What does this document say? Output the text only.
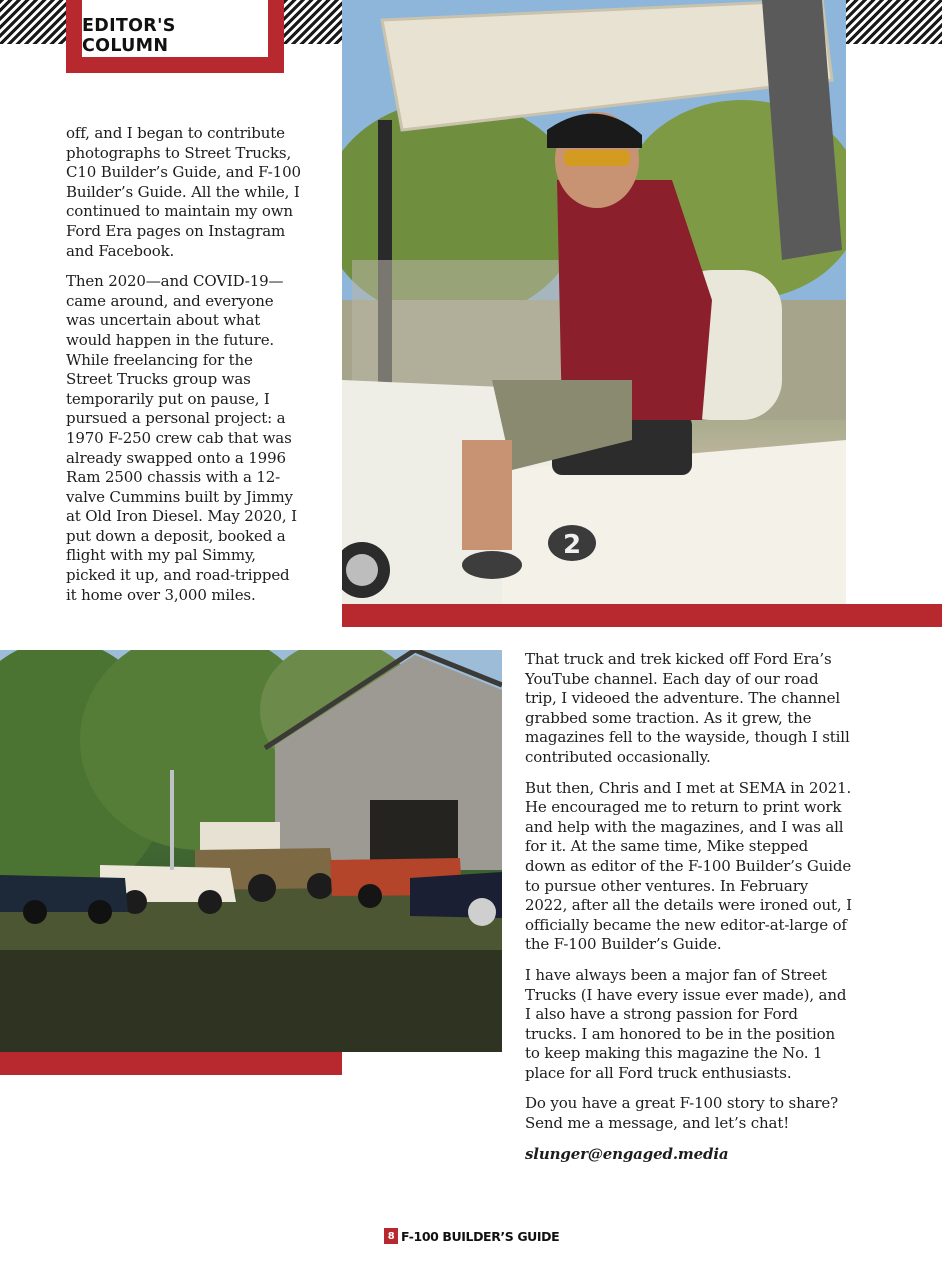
EDITOR'S COLUMN

off, and I began to contribute photographs to Street Trucks, C10 Builder’s Guide, and F-100 Builder’s Guide. All the while, I continued to maintain my own Ford Era pages on Instagram and Facebook.

Then 2020—and COVID-19—came around, and everyone was uncertain about what would happen in the future. While freelancing for the Street Trucks group was temporarily put on pause, I pursued a personal project: a 1970 F-250 crew cab that was already swapped onto a 1996 Ram 2500 chassis with a 12-valve Cummins built by Jimmy at Old Iron Diesel. May 2020, I put down a deposit, booked a flight with my pal Simmy, picked it up, and road-tripped it home over 3,000 miles.

2

That truck and trek kicked off Ford Era’s YouTube channel. Each day of our road trip, I videoed the adventure. The channel grabbed some traction. As it grew, the magazines fell to the wayside, though I still contributed occasionally.

But then, Chris and I met at SEMA in 2021. He encouraged me to return to print work and help with the magazines, and I was all for it. At the same time, Mike stepped down as editor of the F-100 Builder’s Guide to pursue other ventures. In February 2022, after all the details were ironed out, I officially became the new editor-at-large of the F-100 Builder’s Guide.

I have always been a major fan of Street Trucks (I have every issue ever made), and I also have a strong passion for Ford trucks. I am honored to be in the position to keep making this magazine the No. 1 place for all Ford truck enthusiasts.

Do you have a great F-100 story to share? Send me a message, and let’s chat!

slunger@engaged.media

8 F-100 BUILDER’S GUIDE
